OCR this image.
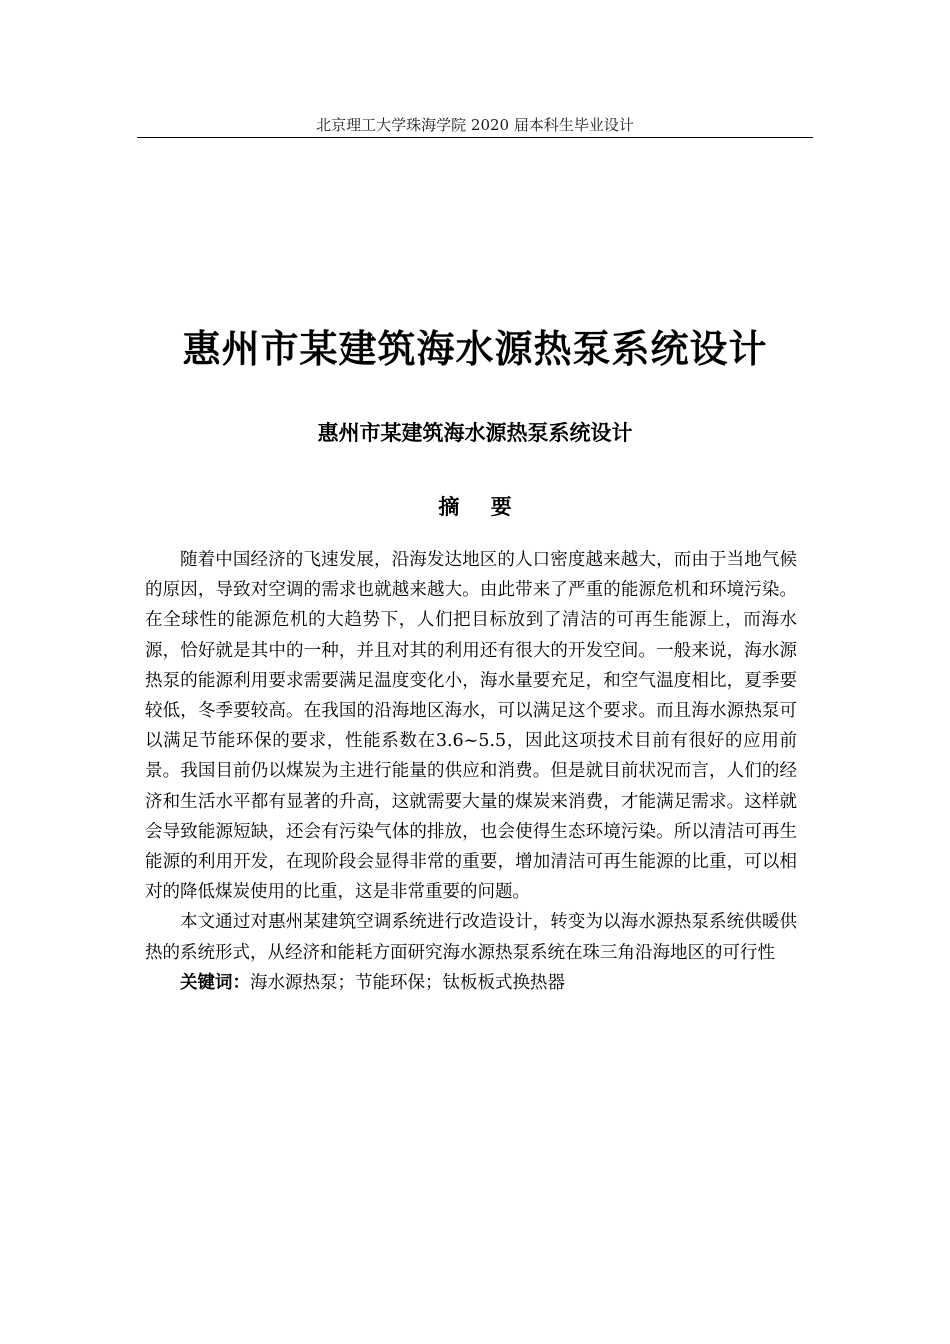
北京理工大学珠海学院 2020 届本科生毕业设计
惠州市某建筑海水源热泵系统设计
惠州市某建筑海水源热泵系统设计
摘 要

随着中国经济的飞速发展，沿海发达地区的人口密度越来越大，而由于当地气候的原因，导致对空调的需求也就越来越大。由此带来了严重的能源危机和环境污染。在全球性的能源危机的大趋势下，人们把目标放到了清洁的可再生能源上，而海水源，恰好就是其中的一种，并且对其的利用还有很大的开发空间。一般来说，海水源热泵的能源利用要求需要满足温度变化小，海水量要充足，和空气温度相比，夏季要较低，冬季要较高。在我国的沿海地区海水，可以满足这个要求。而且海水源热泵可以满足节能环保的要求，性能系数在3.6~5.5，因此这项技术目前有很好的应用前景。我国目前仍以煤炭为主进行能量的供应和消费。但是就目前状况而言，人们的经济和生活水平都有显著的升高，这就需要大量的煤炭来消费，才能满足需求。这样就会导致能源短缺，还会有污染气体的排放，也会使得生态环境污染。所以清洁可再生能源的利用开发，在现阶段会显得非常的重要，增加清洁可再生能源的比重，可以相对的降低煤炭使用的比重，这是非常重要的问题。

本文通过对惠州某建筑空调系统进行改造设计，转变为以海水源热泵系统供暖供热的系统形式，从经济和能耗方面研究海水源热泵系统在珠三角沿海地区的可行性

关键词：海水源热泵；节能环保；钛板板式换热器
